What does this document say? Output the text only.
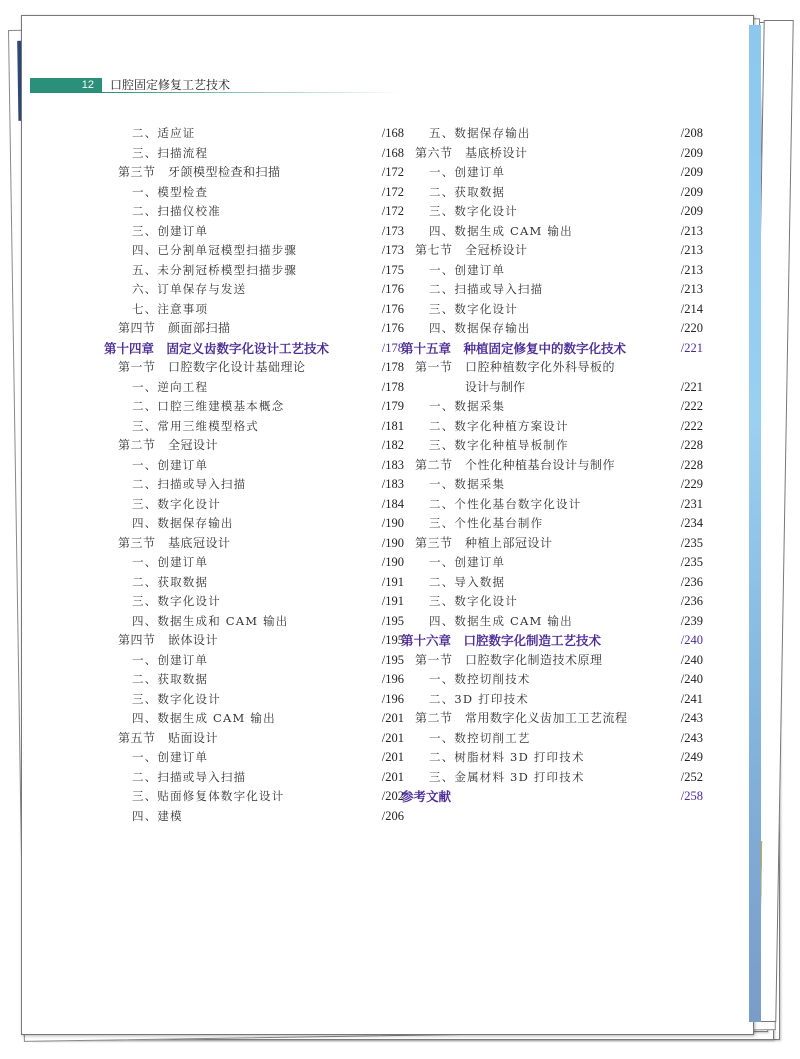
12	口腔固定修复工艺技术
二、适应证	/168
三、扫描流程	/168
第三节　牙颌模型检查和扫描	/172
一、模型检查	/172
二、扫描仪校准	/172
三、创建订单	/173
四、已分割单冠模型扫描步骤	/173
五、未分割冠桥模型扫描步骤	/175
六、订单保存与发送	/176
七、注意事项	/176
第四节　颜面部扫描	/176
第十四章　固定义齿数字化设计工艺技术	/178
第一节　口腔数字化设计基础理论	/178
一、逆向工程	/178
二、口腔三维建模基本概念	/179
三、常用三维模型格式	/181
第二节　全冠设计	/182
一、创建订单	/183
二、扫描或导入扫描	/183
三、数字化设计	/184
四、数据保存输出	/190
第三节　基底冠设计	/190
一、创建订单	/190
二、获取数据	/191
三、数字化设计	/191
四、数据生成和 CAM 输出	/195
第四节　嵌体设计	/195
一、创建订单	/195
二、获取数据	/196
三、数字化设计	/196
四、数据生成 CAM 输出	/201
第五节　贴面设计	/201
一、创建订单	/201
二、扫描或导入扫描	/201
三、贴面修复体数字化设计	/202
四、建模	/206
五、数据保存输出	/208
第六节　基底桥设计	/209
一、创建订单	/209
二、获取数据	/209
三、数字化设计	/209
四、数据生成 CAM 输出	/213
第七节　全冠桥设计	/213
一、创建订单	/213
二、扫描或导入扫描	/213
三、数字化设计	/214
四、数据保存输出	/220
第十五章　种植固定修复中的数字化技术	/221
第一节　口腔种植数字化外科导板的
设计与制作	/221
一、数据采集	/222
二、数字化种植方案设计	/222
三、数字化种植导板制作	/228
第二节　个性化种植基台设计与制作	/228
一、数据采集	/229
二、个性化基台数字化设计	/231
三、个性化基台制作	/234
第三节　种植上部冠设计	/235
一、创建订单	/235
二、导入数据	/236
三、数字化设计	/236
四、数据生成 CAM 输出	/239
第十六章　口腔数字化制造工艺技术	/240
第一节　口腔数字化制造技术原理	/240
一、数控切削技术	/240
二、3D 打印技术	/241
第二节　常用数字化义齿加工工艺流程	/243
一、数控切削工艺	/243
二、树脂材料 3D 打印技术	/249
三、金属材料 3D 打印技术	/252
参考文献	/258
